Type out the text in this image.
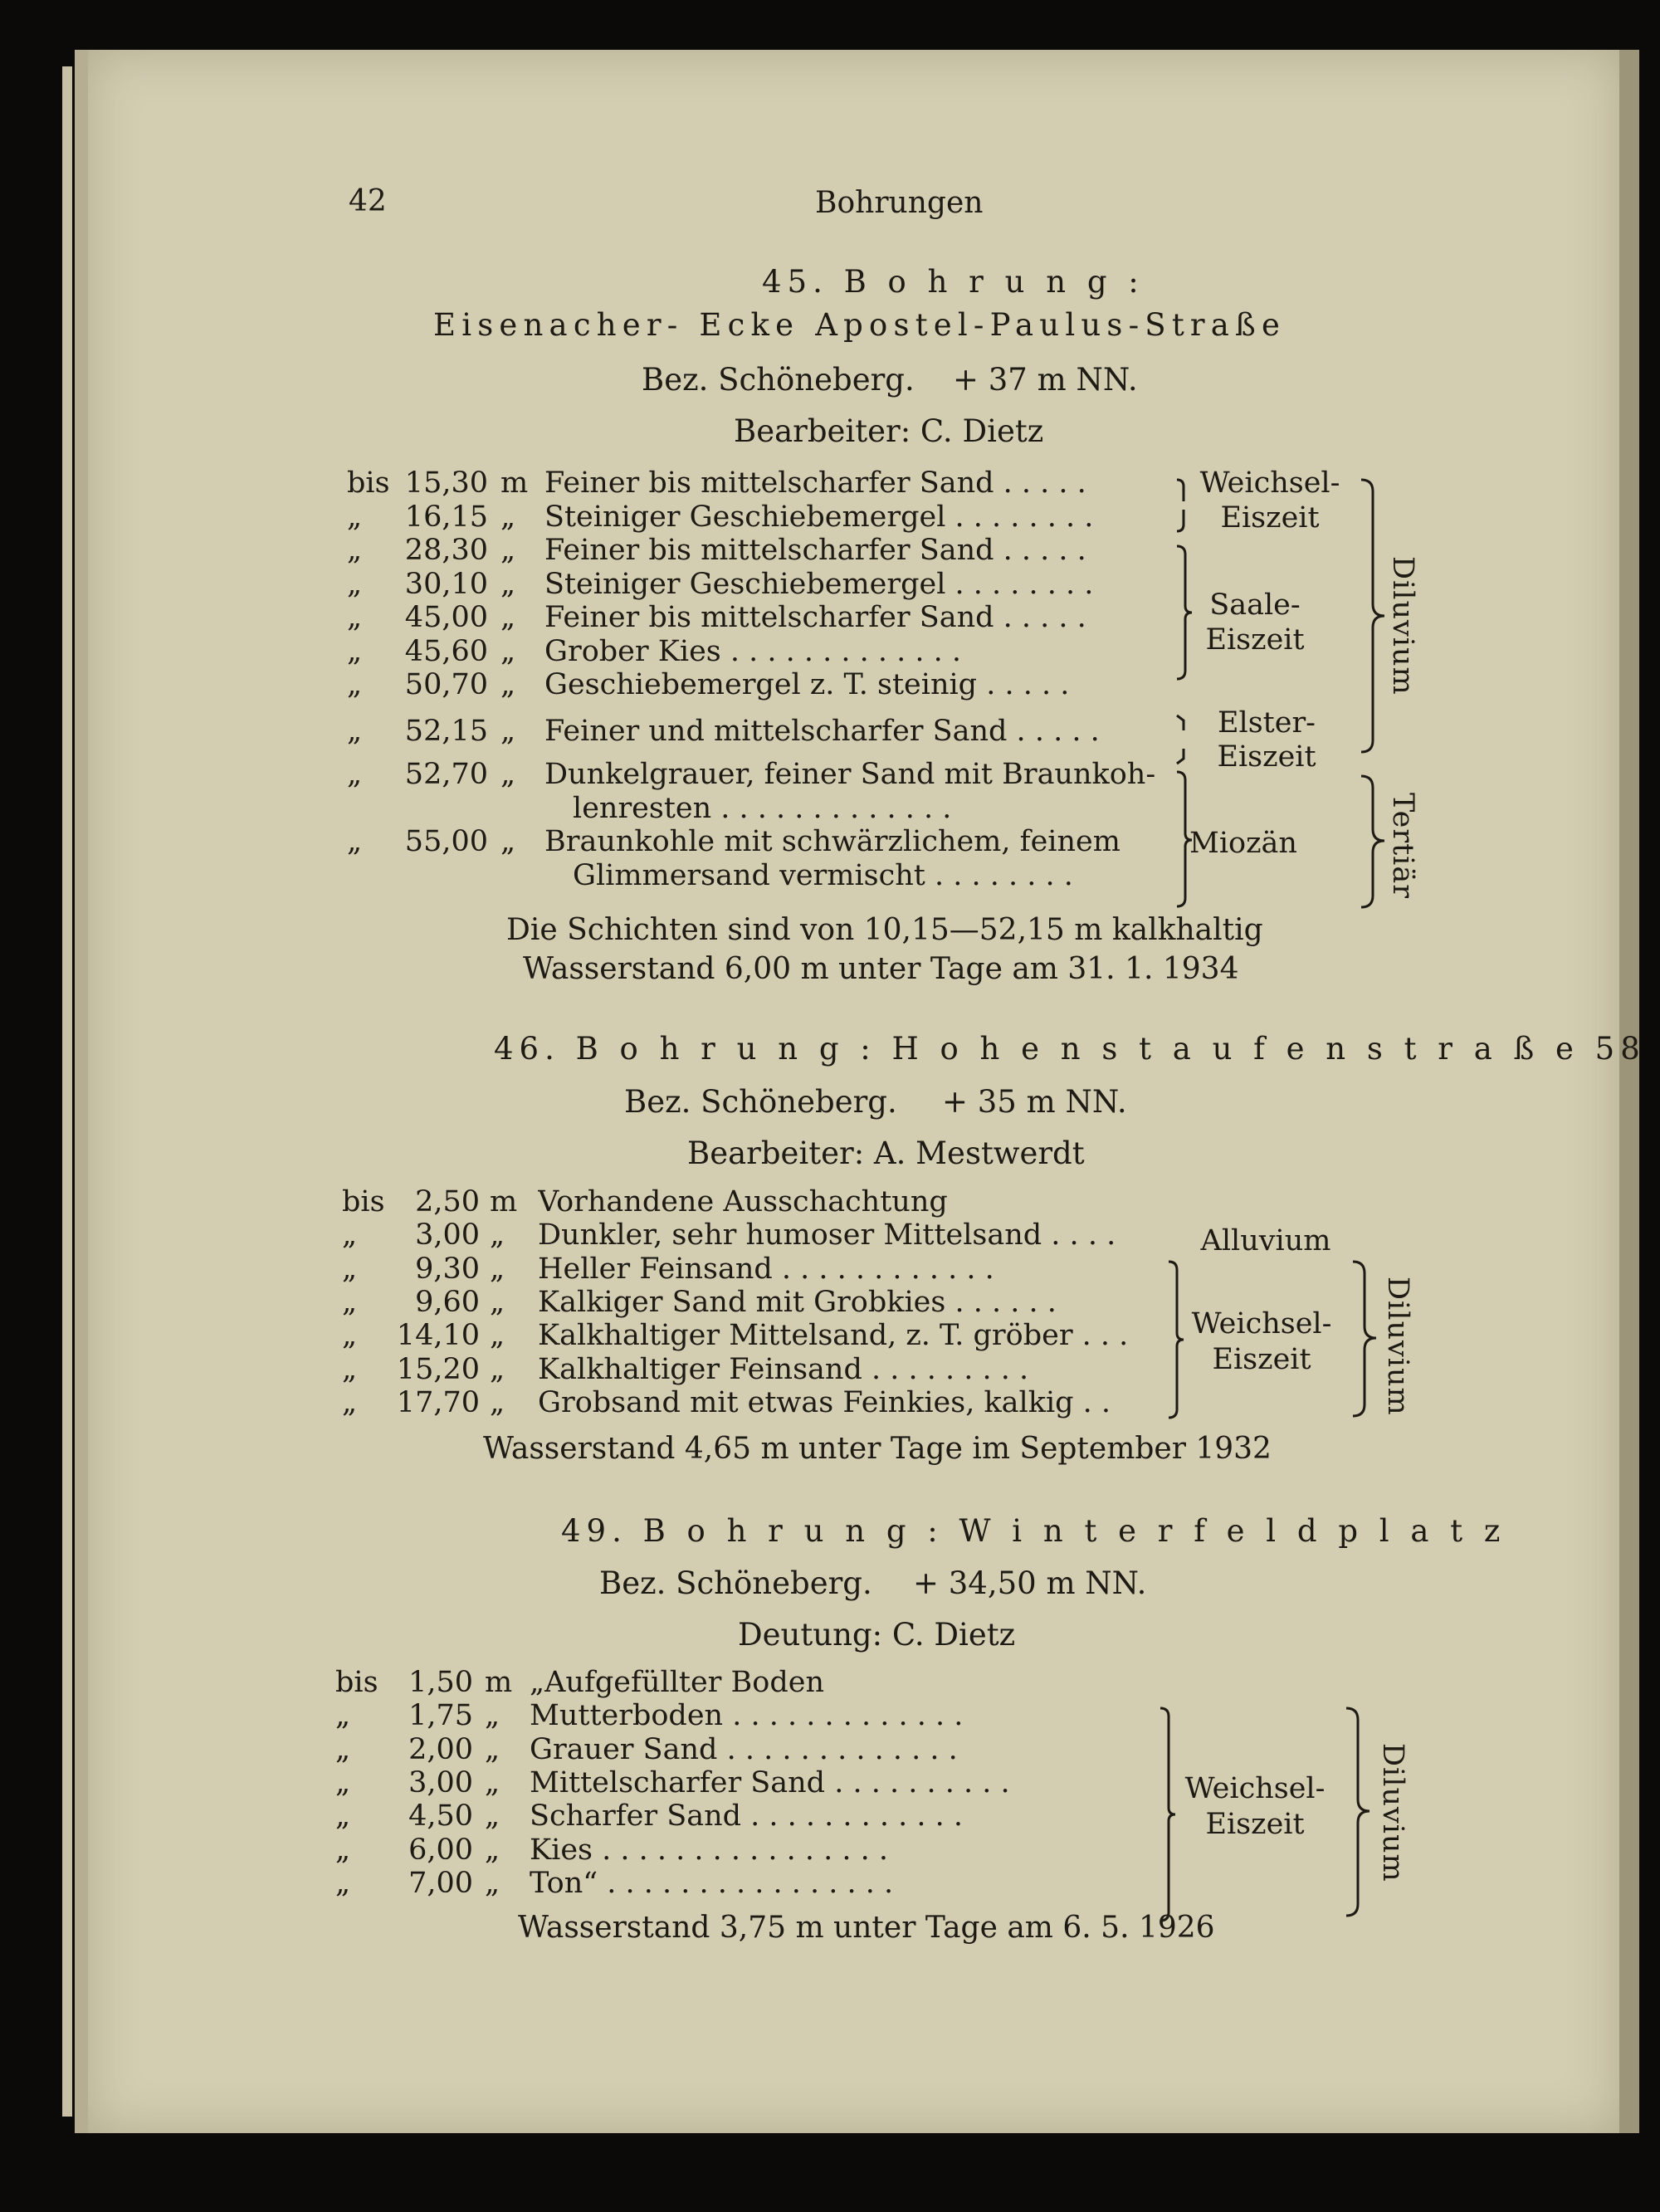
42	Bohrungen
45. B o h r u n g :
Eisenacher- Ecke Apostel-Paulus-Straße
Bez. Schöneberg. + 37 m NN.
Bearbeiter: C. Dietz
bis 15,30 m Feiner bis mittelscharfer Sand . . . . .
„ 16,15 „ Steiniger Geschiebemergel . . . . . . . .
„ 28,30 „ Feiner bis mittelscharfer Sand . . . . .
„ 30,10 „ Steiniger Geschiebemergel . . . . . . . .
„ 45,00 „ Feiner bis mittelscharfer Sand . . . . .
„ 45,60 „ Grober Kies . . . . . . . . . . . . .
„ 50,70 „ Geschiebemergel z. T. steinig . . . . .
„ 52,15 „ Feiner und mittelscharfer Sand . . . . .
„ 52,70 „ Dunkelgrauer, feiner Sand mit Braunkoh-
lenresten . . . . . . . . . . . . .
„ 55,00 „ Braunkohle mit schwärzlichem, feinem
Glimmersand vermischt . . . . . . . .
Weichsel-
Eiszeit
Saale-
Eiszeit
Elster-
Eiszeit
Miozän
Diluvium
Tertiär
Die Schichten sind von 10,15—52,15 m kalkhaltig
Wasserstand 6,00 m unter Tage am 31. 1. 1934
46. B o h r u n g : H o h e n s t a u f e n s t r a ß e 58
Bez. Schöneberg. + 35 m NN.
Bearbeiter: A. Mestwerdt
bis	2,50 m Vorhandene Ausschachtung
„	3,00 „ Dunkler, sehr humoser Mittelsand . . . .
„	9,30 „ Heller Feinsand . . . . . . . . . . . .
„	9,60 „ Kalkiger Sand mit Grobkies . . . . . .
„ 14,10 „ Kalkhaltiger Mittelsand, z. T. gröber . . .
„ 15,20 „ Kalkhaltiger Feinsand . . . . . . . . .
„ 17,70 „ Grobsand mit etwas Feinkies, kalkig . .
Alluvium
Weichsel-
Eiszeit	Diluvium
Wasserstand 4,65 m unter Tage im September 1932
49. B o h r u n g : W i n t e r f e l d p l a t z
Bez. Schöneberg. + 34,50 m NN.
Deutung: C. Dietz
bis	1,50 m „Aufgefüllter Boden
„	1,75 „ Mutterboden . . . . . . . . . . . . .
„	2,00 „ Grauer Sand . . . . . . . . . . . . .
„	3,00 „ Mittelscharfer Sand . . . . . . . . . .
„	4,50 „ Scharfer Sand . . . . . . . . . . . .
„	6,00 „ Kies . . . . . . . . . . . . . . . .
„	7,00 „ Ton“ . . . . . . . . . . . . . . . .
Weichsel-
Eiszeit	Diluvium
Wasserstand 3,75 m unter Tage am 6. 5. 1926
